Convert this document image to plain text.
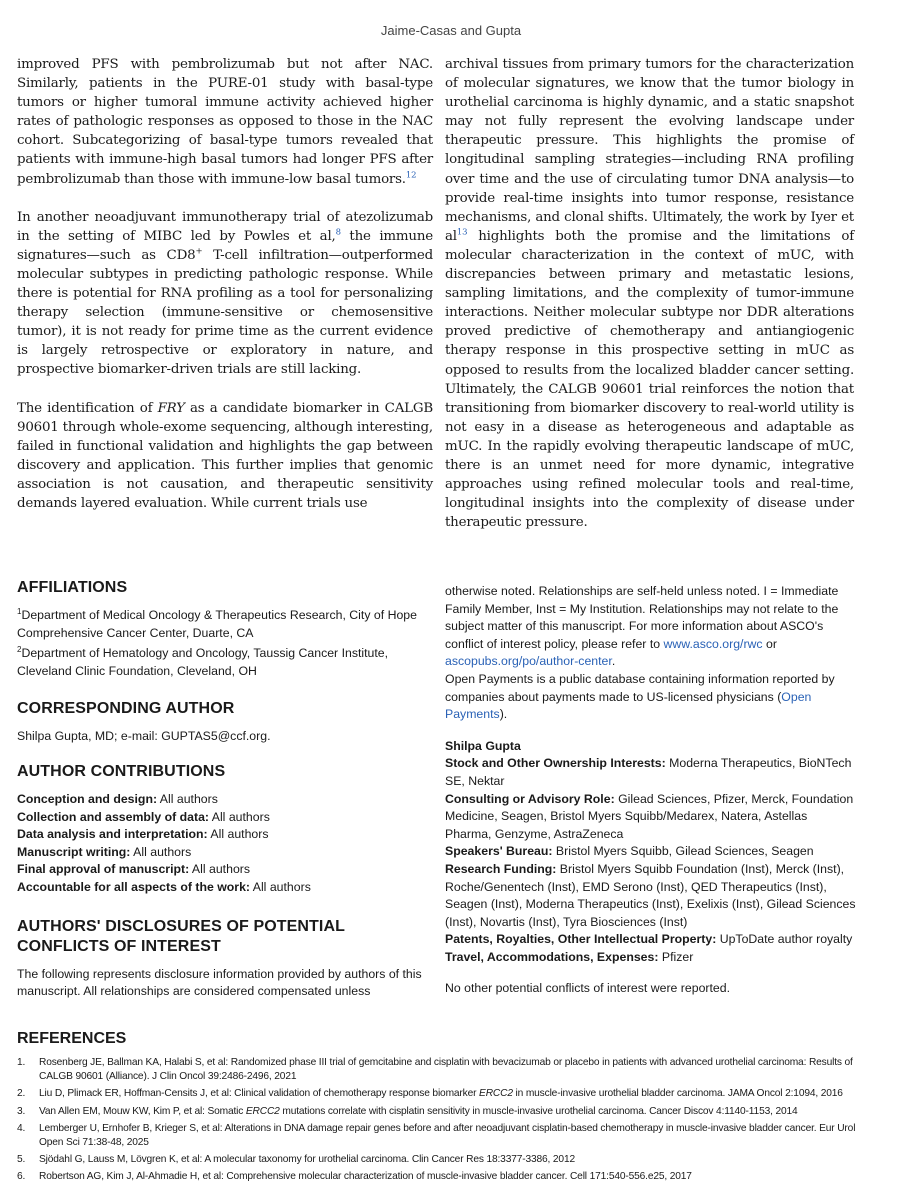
Jaime-Casas and Gupta

improved PFS with pembrolizumab but not after NAC. Similarly, patients in the PURE-01 study with basal-type tumors or higher tumoral immune activity achieved higher rates of pathologic responses as opposed to those in the NAC cohort. Subcategorizing of basal-type tumors revealed that patients with immune-high basal tumors had longer PFS after pembrolizumab than those with immune-low basal tumors.$^{12}$

In another neoadjuvant immunotherapy trial of atezolizumab in the setting of MIBC led by Powles et al,$^8$ the immune signatures—such as CD8+ T-cell infiltration—outperformed molecular subtypes in predicting pathologic response. While there is potential for RNA profiling as a tool for personalizing therapy selection (immune-sensitive or chemosensitive tumor), it is not ready for prime time as the current evidence is largely retrospective or exploratory in nature, and prospective biomarker-driven trials are still lacking.

The identification of FRY as a candidate biomarker in CALGB 90601 through whole-exome sequencing, although interesting, failed in functional validation and highlights the gap between discovery and application. This further implies that genomic association is not causation, and therapeutic sensitivity demands layered evaluation. While current trials use

archival tissues from primary tumors for the characterization of molecular signatures, we know that the tumor biology in urothelial carcinoma is highly dynamic, and a static snapshot may not fully represent the evolving landscape under therapeutic pressure. This highlights the promise of longitudinal sampling strategies—including RNA profiling over time and the use of circulating tumor DNA analysis—to provide real-time insights into tumor response, resistance mechanisms, and clonal shifts. Ultimately, the work by Iyer et al$^{13}$ highlights both the promise and the limitations of molecular characterization in the context of mUC, with discrepancies between primary and metastatic lesions, sampling limitations, and the complexity of tumor-immune interactions. Neither molecular subtype nor DDR alterations proved predictive of chemotherapy and antiangiogenic therapy response in this prospective setting in mUC as opposed to results from the localized bladder cancer setting. Ultimately, the CALGB 90601 trial reinforces the notion that transitioning from biomarker discovery to real-world utility is not easy in a disease as heterogeneous and adaptable as mUC. In the rapidly evolving therapeutic landscape of mUC, there is an unmet need for more dynamic, integrative approaches using refined molecular tools and real-time, longitudinal insights into the complexity of disease under therapeutic pressure.

AFFILIATIONS
$^1$Department of Medical Oncology & Therapeutics Research, City of Hope Comprehensive Cancer Center, Duarte, CA
$^2$Department of Hematology and Oncology, Taussig Cancer Institute, Cleveland Clinic Foundation, Cleveland, OH
CORRESPONDING AUTHOR
Shilpa Gupta, MD; e-mail: GUPTAS5@ccf.org.
AUTHOR CONTRIBUTIONS
Conception and design: All authors
Collection and assembly of data: All authors
Data analysis and interpretation: All authors
Manuscript writing: All authors
Final approval of manuscript: All authors
Accountable for all aspects of the work: All authors
AUTHORS' DISCLOSURES OF POTENTIAL CONFLICTS OF INTEREST
The following represents disclosure information provided by authors of this manuscript. All relationships are considered compensated unless
otherwise noted. Relationships are self-held unless noted. I = Immediate Family Member, Inst = My Institution. Relationships may not relate to the subject matter of this manuscript. For more information about ASCO's conflict of interest policy, please refer to www.asco.org/rwc or ascopubs.org/po/author-center.
Open Payments is a public database containing information reported by companies about payments made to US-licensed physicians (Open Payments).
Shilpa Gupta
Stock and Other Ownership Interests: Moderna Therapeutics, BioNTech SE, Nektar
Consulting or Advisory Role: Gilead Sciences, Pfizer, Merck, Foundation Medicine, Seagen, Bristol Myers Squibb/Medarex, Natera, Astellas Pharma, Genzyme, AstraZeneca
Speakers' Bureau: Bristol Myers Squibb, Gilead Sciences, Seagen
Research Funding: Bristol Myers Squibb Foundation (Inst), Merck (Inst), Roche/Genentech (Inst), EMD Serono (Inst), QED Therapeutics (Inst), Seagen (Inst), Moderna Therapeutics (Inst), Exelixis (Inst), Gilead Sciences (Inst), Novartis (Inst), Tyra Biosciences (Inst)
Patents, Royalties, Other Intellectual Property: UpToDate author royalty
Travel, Accommodations, Expenses: Pfizer
No other potential conflicts of interest were reported.
REFERENCES
1.	Rosenberg JE, Ballman KA, Halabi S, et al: Randomized phase III trial of gemcitabine and cisplatin with bevacizumab or placebo in patients with advanced urothelial carcinoma: Results of CALGB 90601 (Alliance). J Clin Oncol 39:2486-2496, 2021
2.	Liu D, Plimack ER, Hoffman-Censits J, et al: Clinical validation of chemotherapy response biomarker ERCC2 in muscle-invasive urothelial bladder carcinoma. JAMA Oncol 2:1094, 2016
3.	Van Allen EM, Mouw KW, Kim P, et al: Somatic ERCC2 mutations correlate with cisplatin sensitivity in muscle-invasive urothelial carcinoma. Cancer Discov 4:1140-1153, 2014
4.	Lemberger U, Ernhofer B, Krieger S, et al: Alterations in DNA damage repair genes before and after neoadjuvant cisplatin-based chemotherapy in muscle-invasive bladder cancer. Eur Urol Open Sci 71:38-48, 2025
5.	Sjödahl G, Lauss M, Lövgren K, et al: A molecular taxonomy for urothelial carcinoma. Clin Cancer Res 18:3377-3386, 2012
6.	Robertson AG, Kim J, Al-Ahmadie H, et al: Comprehensive molecular characterization of muscle-invasive bladder cancer. Cell 171:540-556.e25, 2017
